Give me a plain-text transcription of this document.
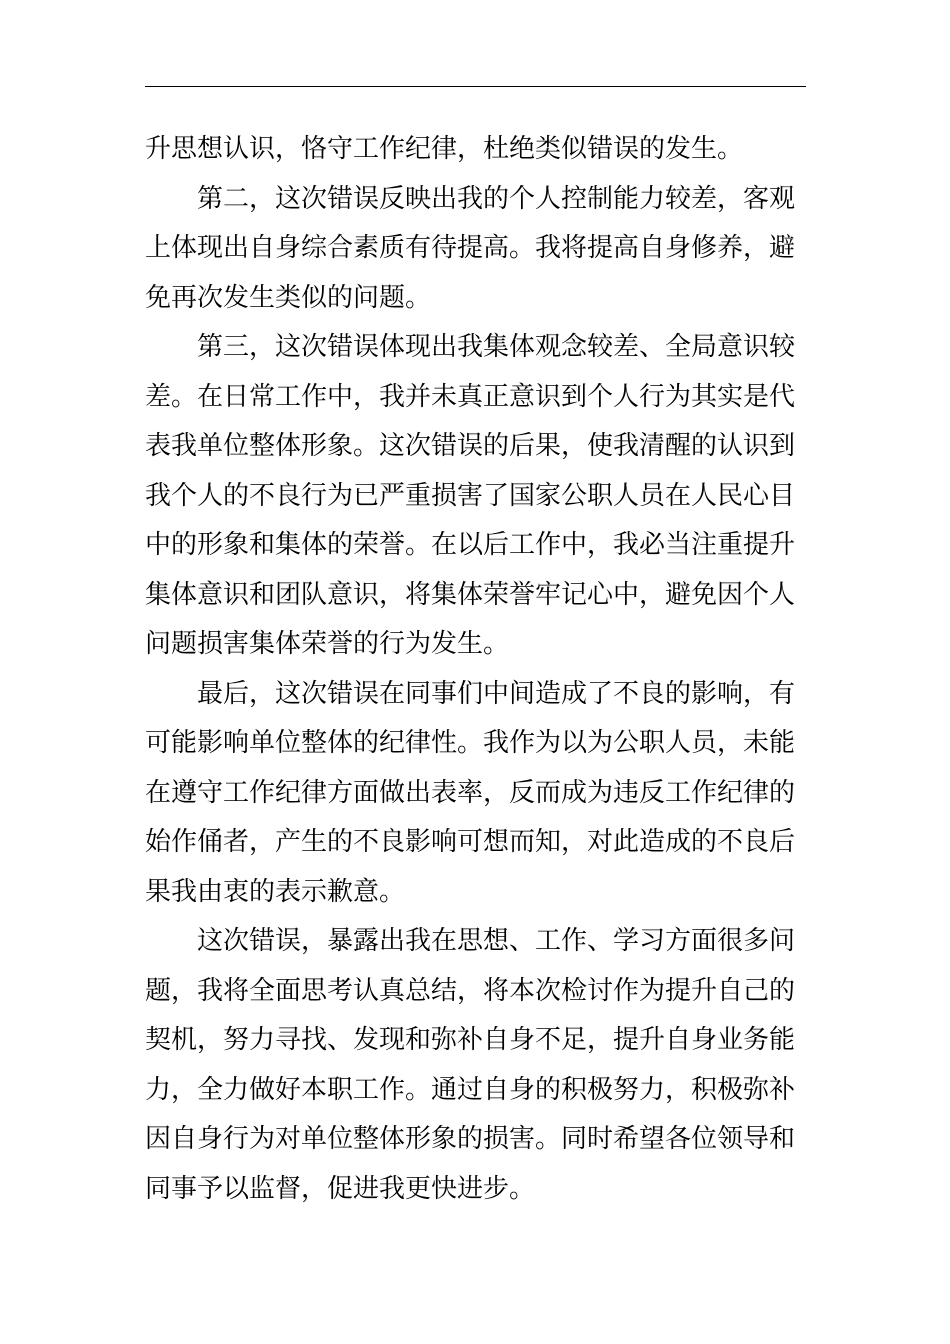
升思想认识，恪守工作纪律，杜绝类似错误的发生。
第二，这次错误反映出我的个人控制能力较差，客观
上体现出自身综合素质有待提高。我将提高自身修养，避
免再次发生类似的问题。
第三，这次错误体现出我集体观念较差、全局意识较
差。在日常工作中，我并未真正意识到个人行为其实是代
表我单位整体形象。这次错误的后果，使我清醒的认识到
我个人的不良行为已严重损害了国家公职人员在人民心目
中的形象和集体的荣誉。在以后工作中，我必当注重提升
集体意识和团队意识，将集体荣誉牢记心中，避免因个人
问题损害集体荣誉的行为发生。
最后，这次错误在同事们中间造成了不良的影响，有
可能影响单位整体的纪律性。我作为以为公职人员，未能
在遵守工作纪律方面做出表率，反而成为违反工作纪律的
始作俑者，产生的不良影响可想而知，对此造成的不良后
果我由衷的表示歉意。
这次错误，暴露出我在思想、工作、学习方面很多问
题，我将全面思考认真总结，将本次检讨作为提升自己的
契机，努力寻找、发现和弥补自身不足，提升自身业务能
力，全力做好本职工作。通过自身的积极努力，积极弥补
因自身行为对单位整体形象的损害。同时希望各位领导和
同事予以监督，促进我更快进步。
